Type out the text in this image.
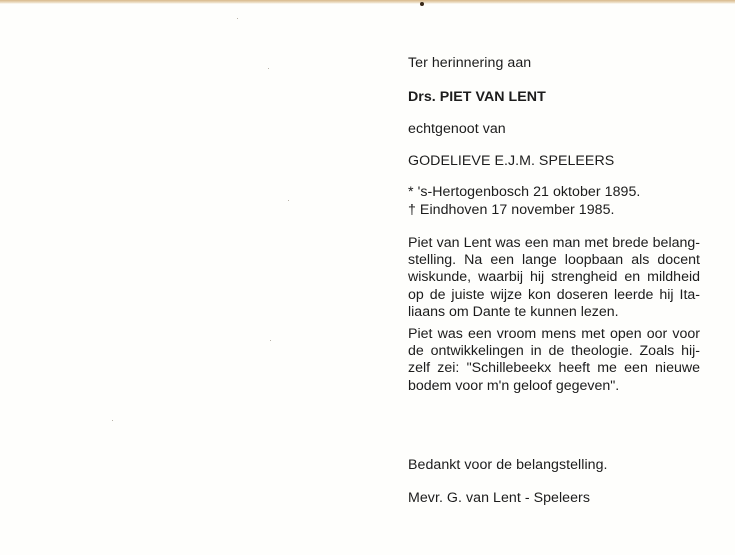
Ter herinnering aan
Drs. PIET VAN LENT
echtgenoot van
GODELIEVE E.J.M. SPELEERS
* 's-Hertogenbosch 21 oktober 1895.
† Eindhoven 17 november 1985.
Piet van Lent was een man met brede belang-
stelling. Na een lange loopbaan als docent
wiskunde, waarbij hij strengheid en mildheid
op de juiste wijze kon doseren leerde hij Ita-
liaans om Dante te kunnen lezen.
Piet was een vroom mens met open oor voor
de ontwikkelingen in de theologie. Zoals hij-
zelf zei: "Schillebeekx heeft me een nieuwe
bodem voor m'n geloof gegeven".
Bedankt voor de belangstelling.
Mevr. G. van Lent - Speleers
